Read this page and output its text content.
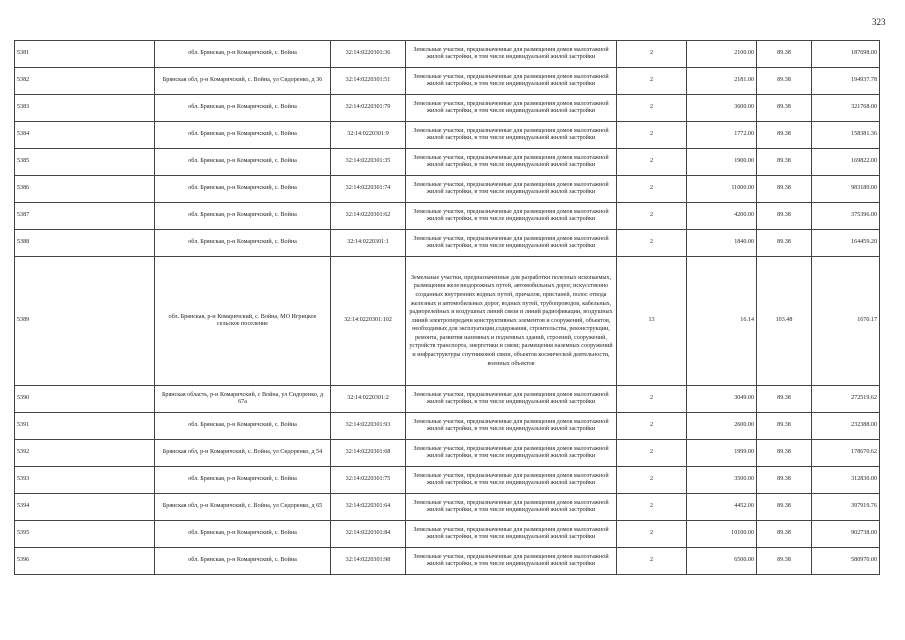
323
5381	обл. Брянская, р-н Комаричский, с. Война	32:14:0220301:36	Земельные участки, предназначенные для размещения домов малоэтажной жилой застройки, в том числе индивидуальной жилой застройки	2	2100.00	89.38	187698.00
5382	Брянская обл, р-н Комаричский, с. Война, ул Сидоренко, д 36	32:14:0220301:51	Земельные участки, предназначенные для размещения домов малоэтажной жилой застройки, в том числе индивидуальной жилой застройки	2	2181.00	89.38	194937.78
5383	обл. Брянская, р-н Комаричский, с. Война	32:14:0220301:79	Земельные участки, предназначенные для размещения домов малоэтажной жилой застройки, в том числе индивидуальной жилой застройки	2	3600.00	89.38	321768.00
5384	обл. Брянская, р-н Комаричский, с. Война	32:14:0220301:9	Земельные участки, предназначенные для размещения домов малоэтажной жилой застройки, в том числе индивидуальной жилой застройки	2	1772.00	89.38	158381.36
5385	обл. Брянская, р-н Комаричский, с. Война	32:14:0220301:35	Земельные участки, предназначенные для размещения домов малоэтажной жилой застройки, в том числе индивидуальной жилой застройки	2	1900.00	89.38	169822.00
5386	обл. Брянская, р-н Комаричский, с. Война	32:14:0220301:74	Земельные участки, предназначенные для размещения домов малоэтажной жилой застройки, в том числе индивидуальной жилой застройки	2	11000.00	89.38	983180.00
5387	обл. Брянская, р-н Комаричский, с. Война	32:14:0220301:62	Земельные участки, предназначенные для размещения домов малоэтажной жилой застройки, в том числе индивидуальной жилой застройки	2	4200.00	89.38	375396.00
5388	обл. Брянская, р-н Комаричский, с. Война	32:14:0220301:1	Земельные участки, предназначенные для размещения домов малоэтажной жилой застройки, в том числе индивидуальной жилой застройки	2	1840.00	89.38	164459.20
5389	обл. Брянская, р-н Комаричский, с. Война, МО Игрицкое сельское поселение	32:14:0220301:102	Земельные участки, предназначенные для разработки полезных ископаемых, размещения железнодорожных путей, автомобильных дорог, искусственно созданных внутренних водных путей, причалов, пристаней, полос отвода железных и автомобильных дорог, водных путей, трубопроводов, кабельных, радиорелейных и воздушных линий связи и линий радиофикации, воздушных линий электропередачи конструктивных элементов и сооружений, объектов, необходимых для эксплуатации,содержания, строительства, реконструкции, ремонта, развития наземных и подземных зданий, строений, сооружений, устройств транспорта, энергетики и связи; размещения наземных сооружений и инфраструктуры спутниковой связи, объектов космической деятельности, военных объектов	13	16.14	103.48	1670.17
5390	Брянская область, р-н Комаричский, с Война, ул Сидоренко, д 67а	32:14:0220301:2	Земельные участки, предназначенные для размещения домов малоэтажной жилой застройки, в том числе индивидуальной жилой застройки	2	3049.00	89.38	272519.62
5391	обл. Брянская, р-н Комаричский, с. Война	32:14:0220301:93	Земельные участки, предназначенные для размещения домов малоэтажной жилой застройки, в том числе индивидуальной жилой застройки	2	2600.00	89.38	232388.00
5392	Брянская обл, р-н Комаричский, с. Война, ул Сидоренко, д 54	32:14:0220301:68	Земельные участки, предназначенные для размещения домов малоэтажной жилой застройки, в том числе индивидуальной жилой застройки	2	1999.00	89.38	178670.62
5393	обл. Брянская, р-н Комаричский, с. Война	32:14:0220301:75	Земельные участки, предназначенные для размещения домов малоэтажной жилой застройки, в том числе индивидуальной жилой застройки	2	3500.00	89.38	312830.00
5394	Брянская обл, р-н Комаричский, с. Война, ул Сидоренко, д 65	32:14:0220301:64	Земельные участки, предназначенные для размещения домов малоэтажной жилой застройки, в том числе индивидуальной жилой застройки	2	4452.00	89.38	397919.76
5395	обл. Брянская, р-н Комаричский, с. Война	32:14:0220301:84	Земельные участки, предназначенные для размещения домов малоэтажной жилой застройки, в том числе индивидуальной жилой застройки	2	10100.00	89.38	902738.00
5396	обл. Брянская, р-н Комаричский, с. Война	32:14:0220301:98	Земельные участки, предназначенные для размещения домов малоэтажной жилой застройки, в том числе индивидуальной жилой застройки	2	6500.00	89.38	580970.00
